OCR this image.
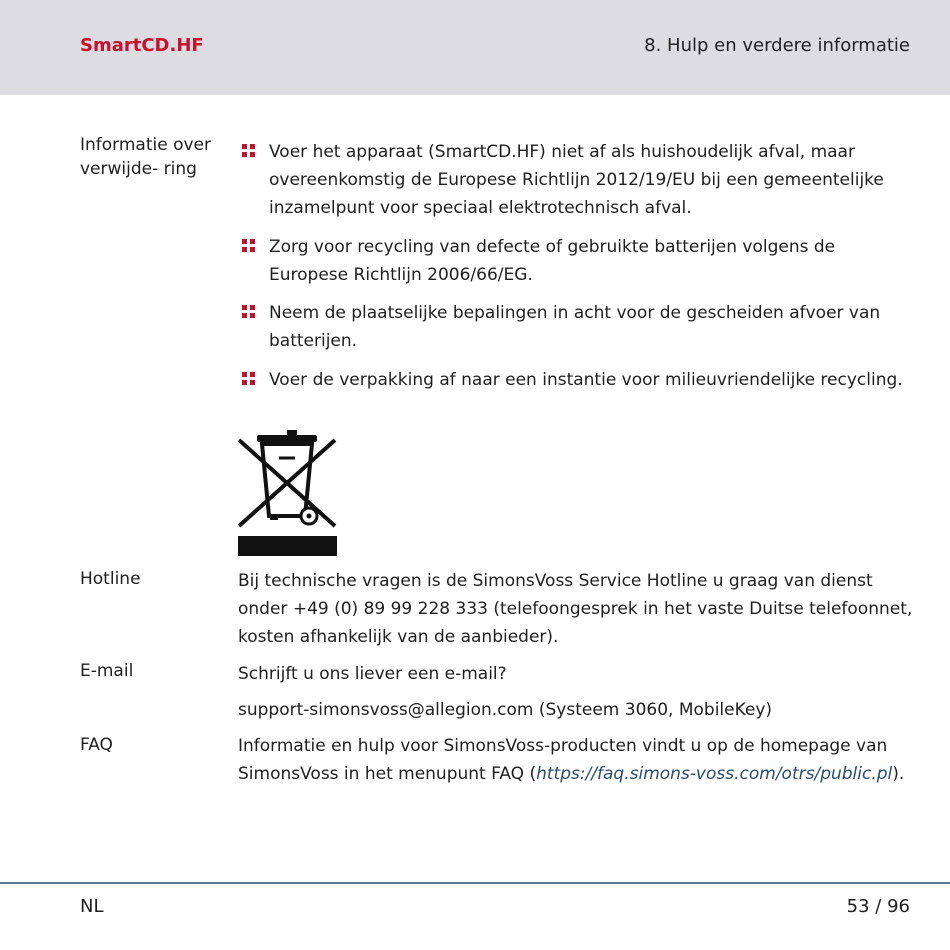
SmartCD.HF	8. Hulp en verdere informatie
Informatie over verwijde- ring
Voer het apparaat (SmartCD.HF) niet af als huishoudelijk afval, maar overeenkomstig de Europese Richtlijn 2012/19/EU bij een gemeentelijke inzamelpunt voor speciaal elektrotechnisch afval.
Zorg voor recycling van defecte of gebruikte batterijen volgens de Europese Richtlijn 2006/66/EG.
Neem de plaatselijke bepalingen in acht voor de gescheiden afvoer van batterijen.
Voer de verpakking af naar een instantie voor milieuvriendelijke recycling.
Hotline	Bij technische vragen is de SimonsVoss Service Hotline u graag van dienst onder +49 (0) 89 99 228 333 (telefoongesprek in het vaste Duitse telefoonnet, kosten afhankelijk van de aanbieder).
E-mail	Schrijft u ons liever een e-mail?
support-simonsvoss@allegion.com (Systeem 3060, MobileKey)
FAQ	Informatie en hulp voor SimonsVoss-producten vindt u op de homepage van SimonsVoss in het menupunt FAQ (https://faq.simons-voss.com/otrs/public.pl).
NL	53 / 96
